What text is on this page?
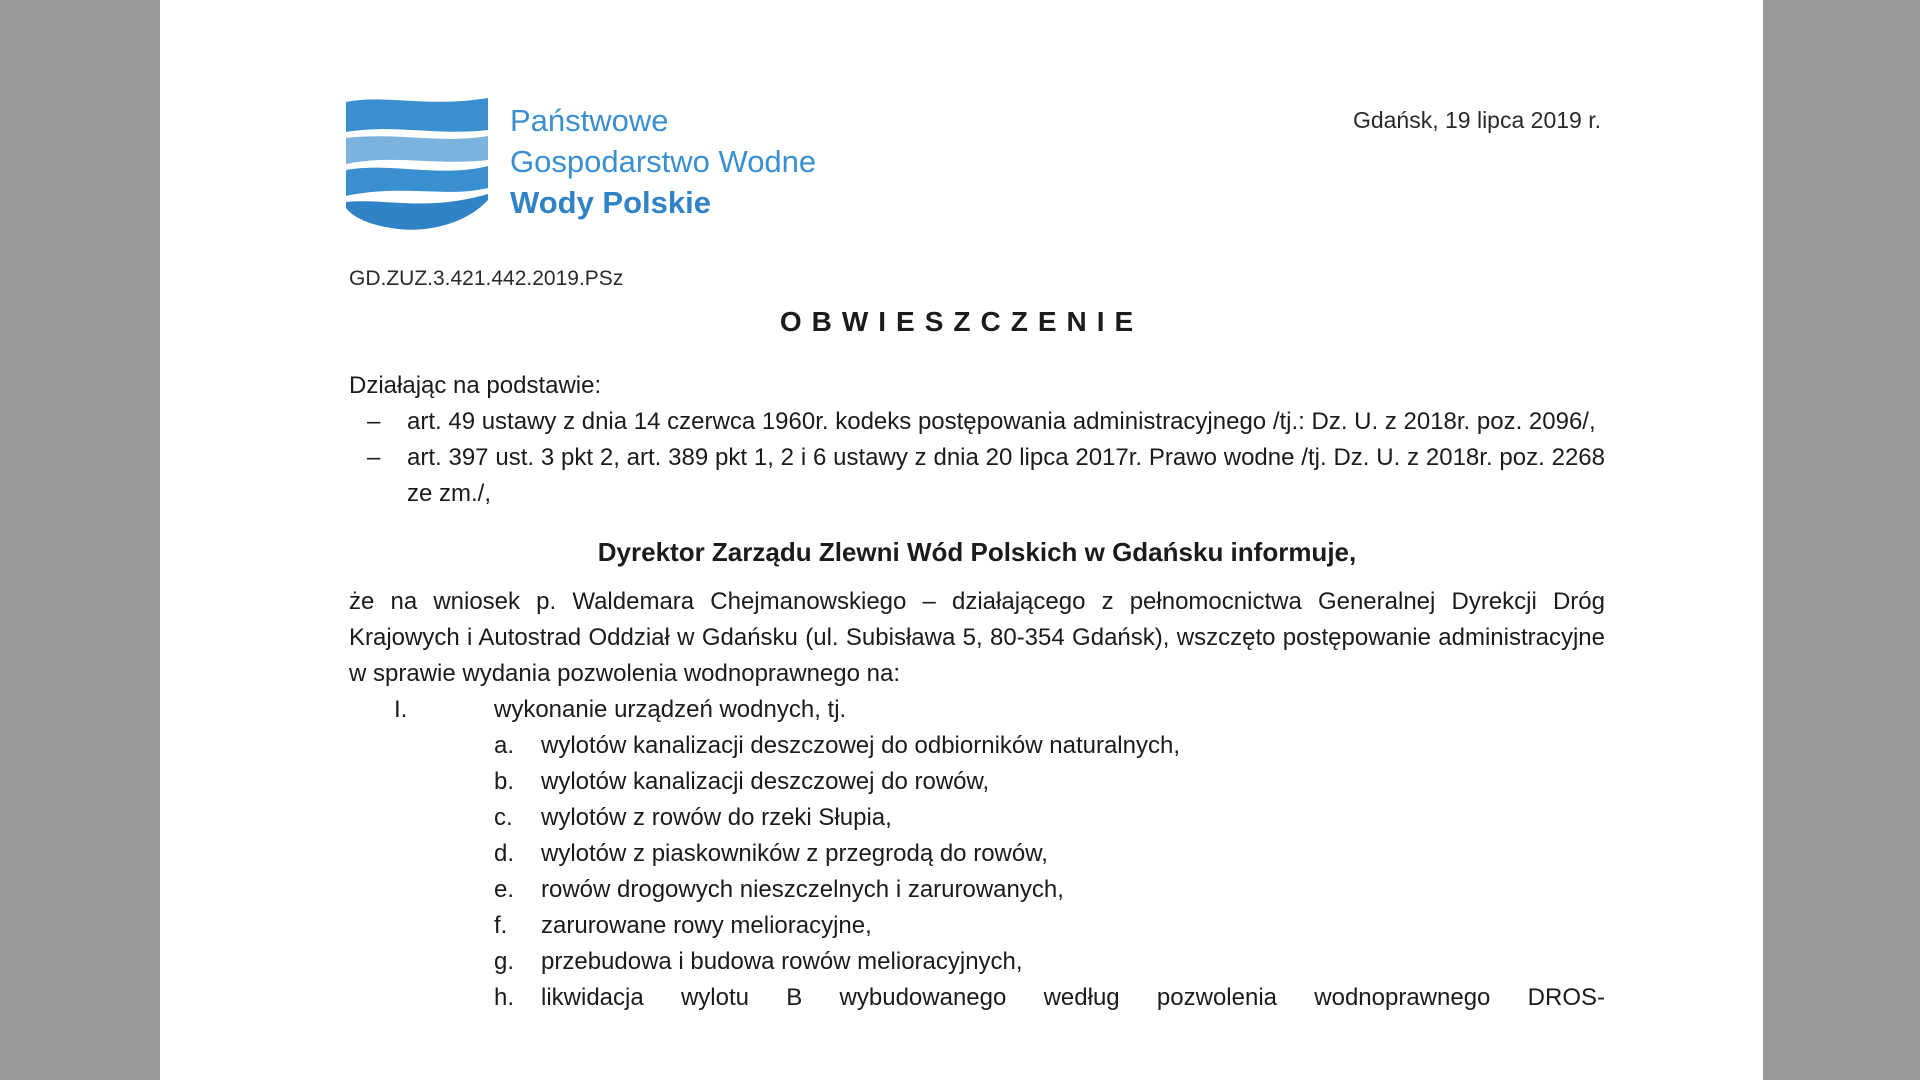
Państwowe
Gospodarstwo Wodne
Wody Polskie
Gdańsk, 19 lipca 2019 r.
GD.ZUZ.3.421.442.2019.PSz
OBWIESZCZENIE

Działając na podstawie:

– art. 49 ustawy z dnia 14 czerwca 1960r. kodeks postępowania administracyjnego /tj.: Dz. U. z 2018r. poz. 2096/,
– art. 397 ust. 3 pkt 2, art. 389 pkt 1, 2 i 6 ustawy z dnia 20 lipca 2017r. Prawo wodne /tj. Dz. U. z 2018r. poz. 2268 ze zm./,
Dyrektor Zarządu Zlewni Wód Polskich w Gdańsku informuje,
że na wniosek p. Waldemara Chejmanowskiego – działającego z pełnomocnictwa Generalnej Dyrekcji Dróg Krajowych i Autostrad Oddział w Gdańsku (ul. Subisława 5, 80-354 Gdańsk), wszczęto postępowanie administracyjne w sprawie wydania pozwolenia wodnoprawnego na:
I.	wykonanie urządzeń wodnych, tj.
a. wylotów kanalizacji deszczowej do odbiorników naturalnych,
b. wylotów kanalizacji deszczowej do rowów,
c. wylotów z rowów do rzeki Słupia,
d. wylotów z piaskowników z przegrodą do rowów,
e. rowów drogowych nieszczelnych i zarurowanych,
f. zarurowane rowy melioracyjne,
g. przebudowa i budowa rowów melioracyjnych,
h. likwidacja wylotu B wybudowanego według pozwolenia wodnoprawnego DROS-
